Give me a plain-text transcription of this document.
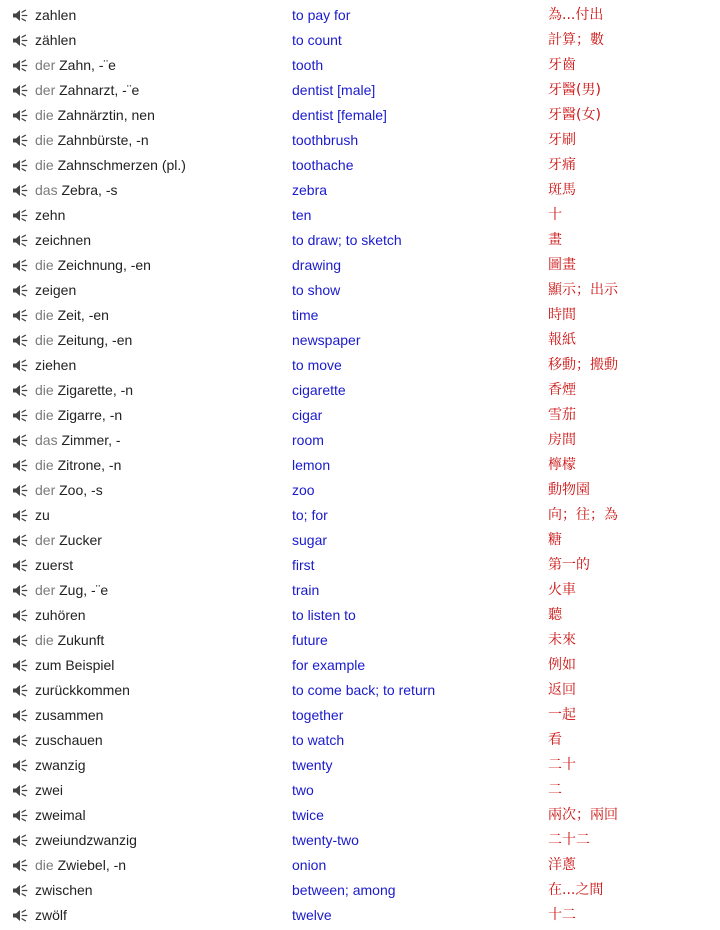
zahlen	to pay for	為...付出
zählen	to count	計算；數
der Zahn, -¨e	tooth	牙齒
der Zahnarzt, -¨e	dentist [male]	牙醫(男)
die Zahnärztin, nen	dentist [female]	牙醫(女)
die Zahnbürste, -n	toothbrush	牙刷
die Zahnschmerzen (pl.)	toothache	牙痛
das Zebra, -s	zebra	斑馬
zehn	ten	十
zeichnen	to draw; to sketch	畫
die Zeichnung, -en	drawing	圖畫
zeigen	to show	顯示；出示
die Zeit, -en	time	時間
die Zeitung, -en	newspaper	報紙
ziehen	to move	移動；搬動
die Zigarette, -n	cigarette	香煙
die Zigarre, -n	cigar	雪茄
das Zimmer, -	room	房間
die Zitrone, -n	lemon	檸檬
der Zoo, -s	zoo	動物園
zu	to; for	向；往；為
der Zucker	sugar	糖
zuerst	first	第一的
der Zug, -¨e	train	火車
zuhören	to listen to	聽
die Zukunft	future	未來
zum Beispiel	for example	例如
zurückkommen	to come back; to return	返回
zusammen	together	一起
zuschauen	to watch	看
zwanzig	twenty	二十
zwei	two	二
zweimal	twice	兩次；兩回
zweiundzwanzig	twenty-two	二十二
die Zwiebel, -n	onion	洋蔥
zwischen	between; among	在...之間
zwölf	twelve	十二
